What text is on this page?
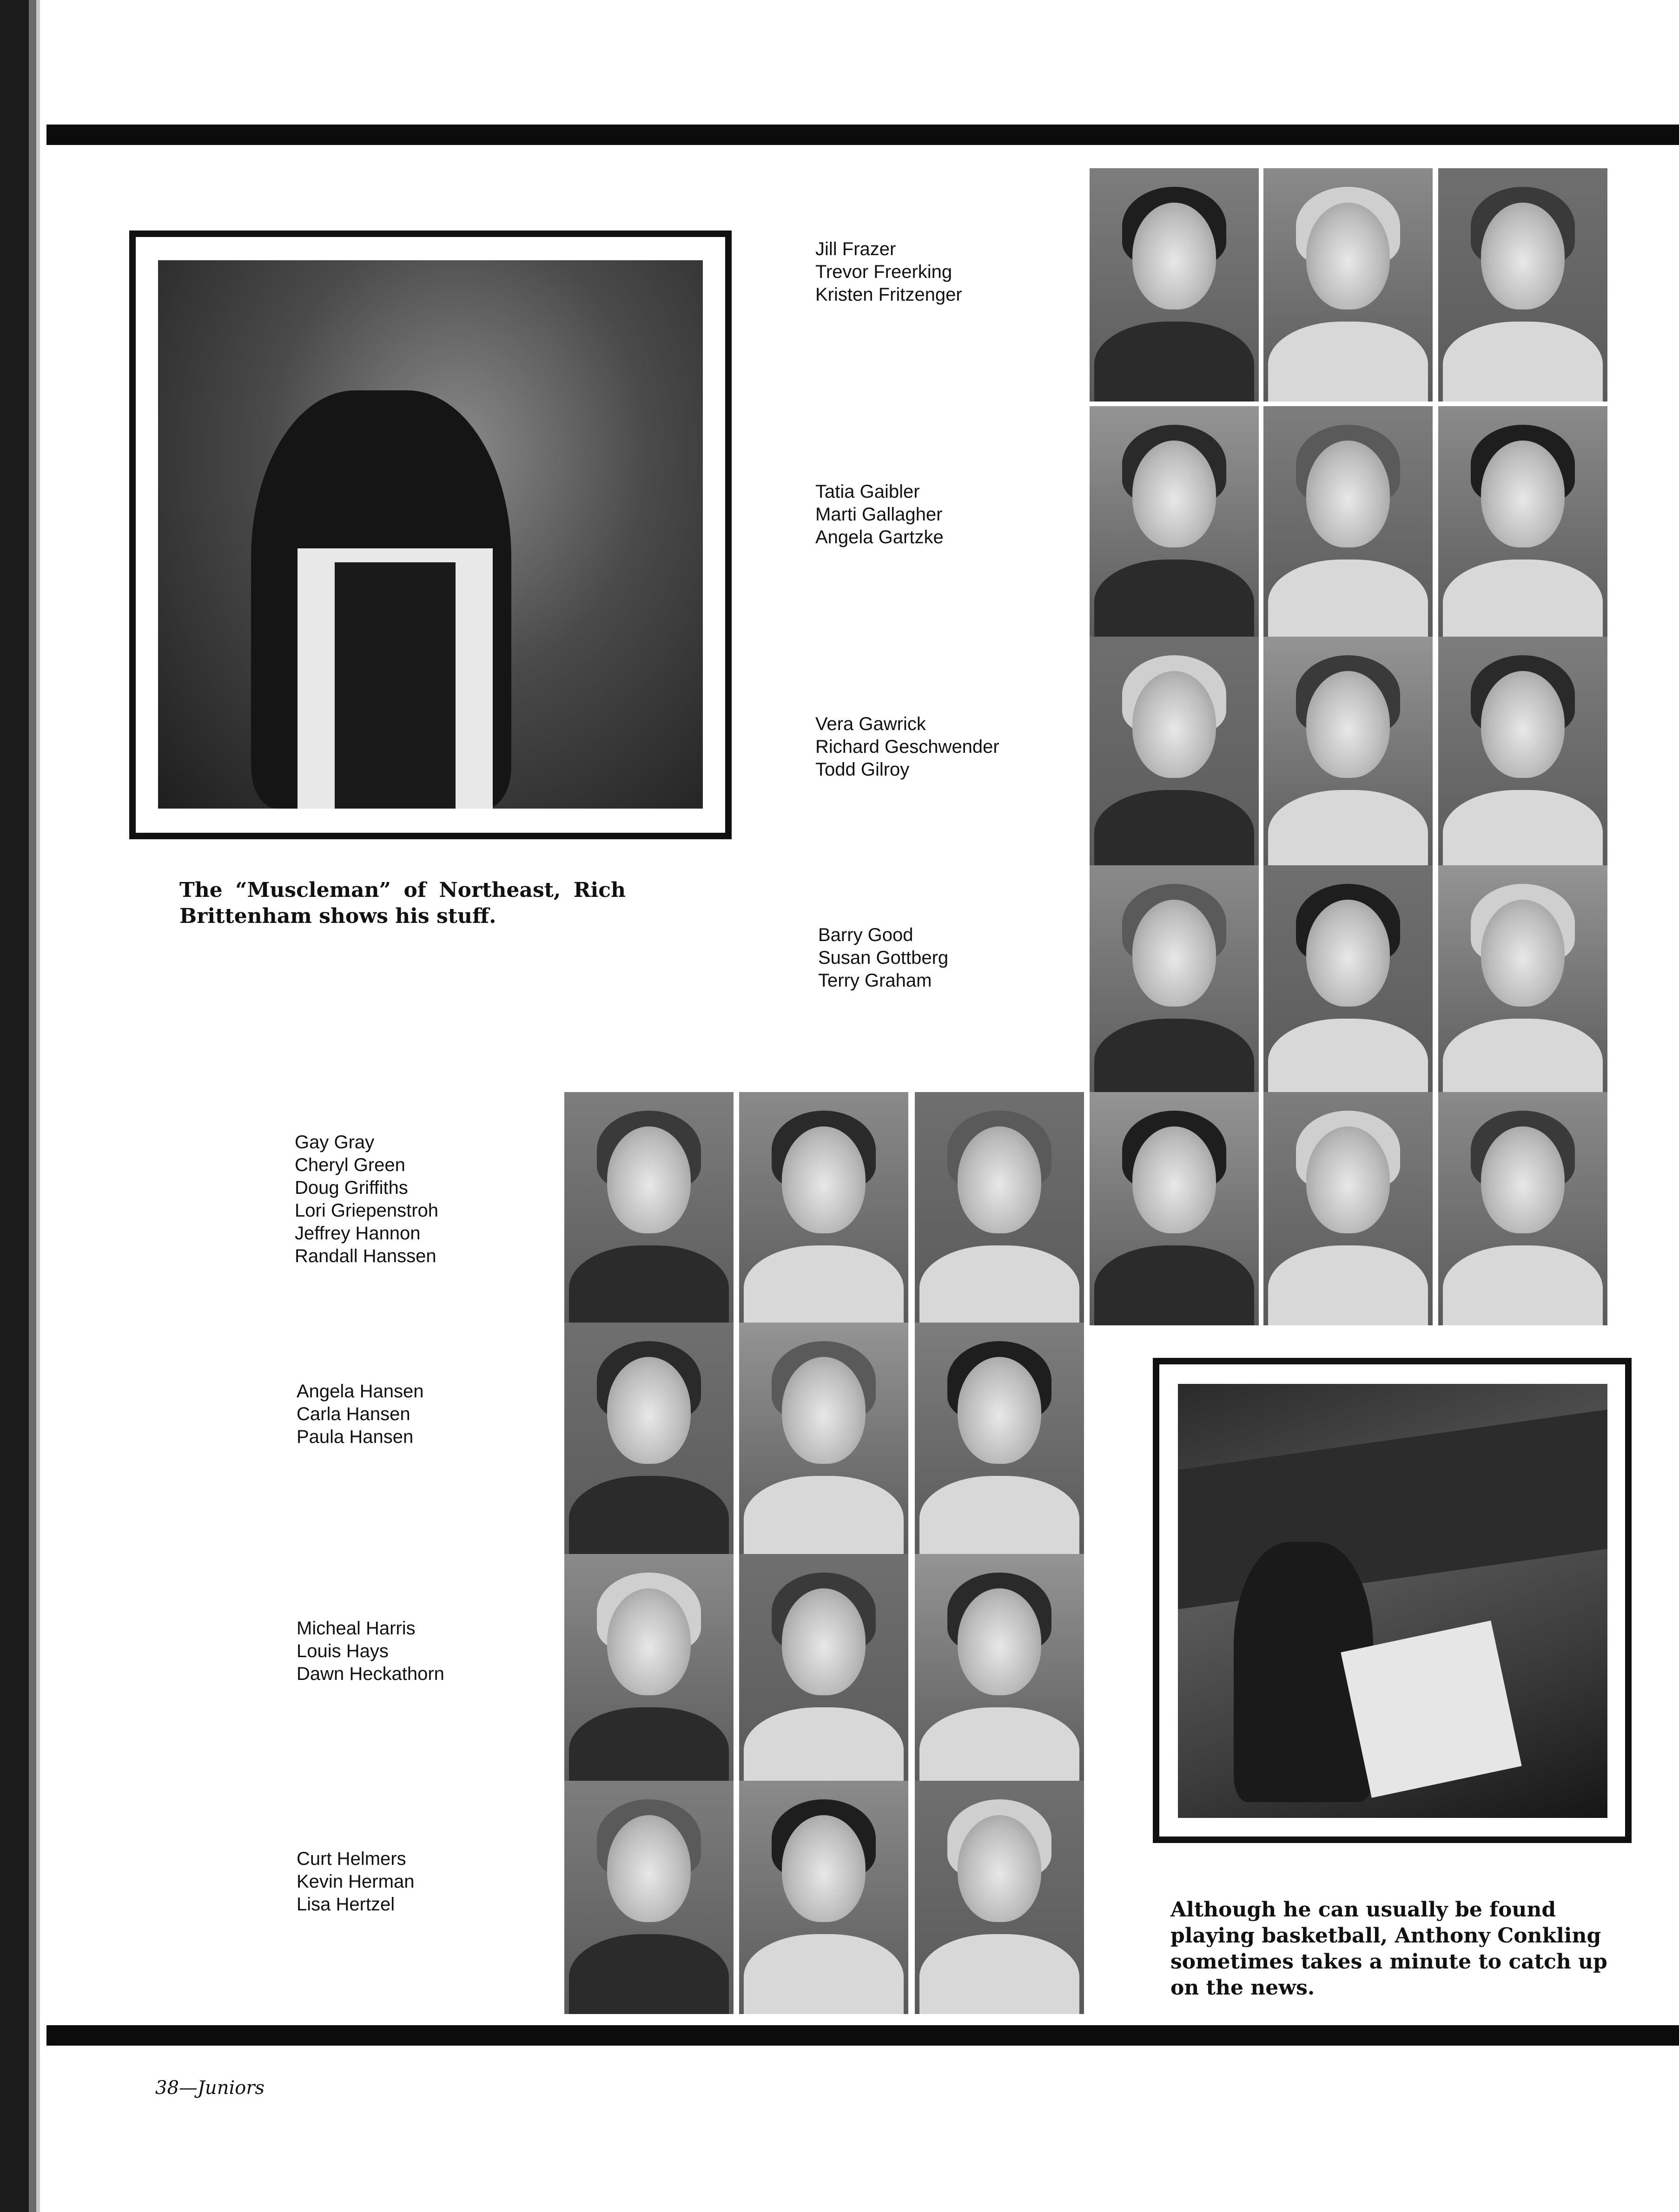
The “Muscleman” of Northeast, Rich Brittenham shows his stuff.
Jill Frazer
Trevor Freerking
Kristen Fritzenger
Tatia Gaibler
Marti Gallagher
Angela Gartzke
Vera Gawrick
Richard Geschwender
Todd Gilroy
Barry Good
Susan Gottberg
Terry Graham
Gay Gray
Cheryl Green
Doug Griffiths
Lori Griepenstroh
Jeffrey Hannon
Randall Hanssen
Angela Hansen
Carla Hansen
Paula Hansen
Micheal Harris
Louis Hays
Dawn Heckathorn
Curt Helmers
Kevin Herman
Lisa Hertzel	Although he can usually be found playing basketball, Anthony Conkling sometimes takes a minute to catch up on the news.
38—Juniors
